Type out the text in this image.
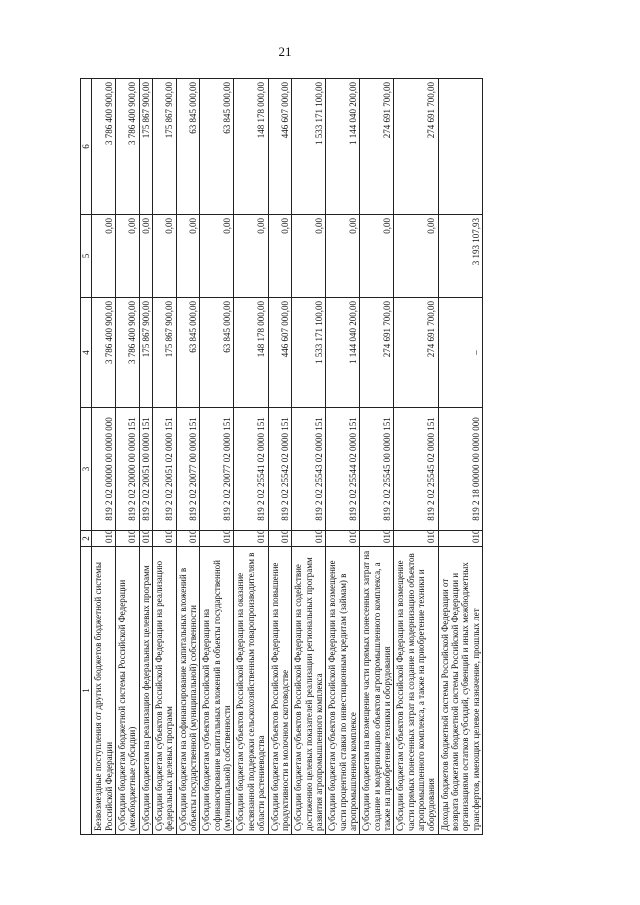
21
1	2	3	4	5	6
Безвозмездные поступления от других бюджетов бюджетной системы Российской Федерации	010	819 2 02 00000 00 0000 000	3 786 400 900,00	0,00	3 786 400 900,00
Субсидии бюджетам бюджетной системы Российской Федерации (межбюджетные субсидии)	010	819 2 02 20000 00 0000 151	3 786 400 900,00	0,00	3 786 400 900,00
Субсидии бюджетам на реализацию федеральных целевых программ	010	819 2 02 20051 00 0000 151	175 867 900,00	0,00	175 867 900,00
Субсидии бюджетам субъектов Российской Федерации на реализацию федеральных целевых программ	010	819 2 02 20051 02 0000 151	175 867 900,00	0,00	175 867 900,00
Субсидии бюджетам на софинансирование капитальных вложений в объекты государственной (муниципальной) собственности	010	819 2 02 20077 00 0000 151	63 845 000,00	0,00	63 845 000,00
Субсидии бюджетам субъектов Российской Федерации на софинансирование капитальных вложений в объекты государственной (муниципальной) собственности	010	819 2 02 20077 02 0000 151	63 845 000,00	0,00	63 845 000,00
Субсидии бюджетам субъектов Российской Федерации на оказание несвязанной поддержки сельскохозяйственным товаропроизводителям в области растениеводства	010	819 2 02 25541 02 0000 151	148 178 000,00	0,00	148 178 000,00
Субсидии бюджетам субъектов Российской Федерации на повышение продуктивности в молочном скотоводстве	010	819 2 02 25542 02 0000 151	446 607 000,00	0,00	446 607 000,00
Субсидии бюджетам субъектов Российской Федерации на содействие достижению целевых показателей реализации региональных программ развития агропромышленного комплекса	010	819 2 02 25543 02 0000 151	1 533 171 100,00	0,00	1 533 171 100,00
Субсидии бюджетам субъектов Российской Федерации на возмещение части процентной ставки по инвестиционным кредитам (займам) в агропромышленном комплексе	010	819 2 02 25544 02 0000 151	1 144 040 200,00	0,00	1 144 040 200,00
Субсидии бюджетам на возмещение части прямых понесенных затрат на создание и модернизацию объектов агропромышленного комплекса, а также на приобретение техники и оборудования	010	819 2 02 25545 00 0000 151	274 691 700,00	0,00	274 691 700,00
Субсидии бюджетам субъектов Российской Федерации на возмещение части прямых понесенных затрат на создание и модернизацию объектов агропромышленного комплекса, а также на приобретение техники и оборудования	010	819 2 02 25545 02 0000 151	274 691 700,00	0,00	274 691 700,00
Доходы бюджетов бюджетной системы Российской Федерации от возврата бюджетами бюджетной системы Российской Федерации и организациями остатков субсидий, субвенций и иных межбюджетных трансфертов, имеющих целевое назначение, прошлых лет	010	819 2 18 00000 00 0000 000	–	3 193 107,93	
